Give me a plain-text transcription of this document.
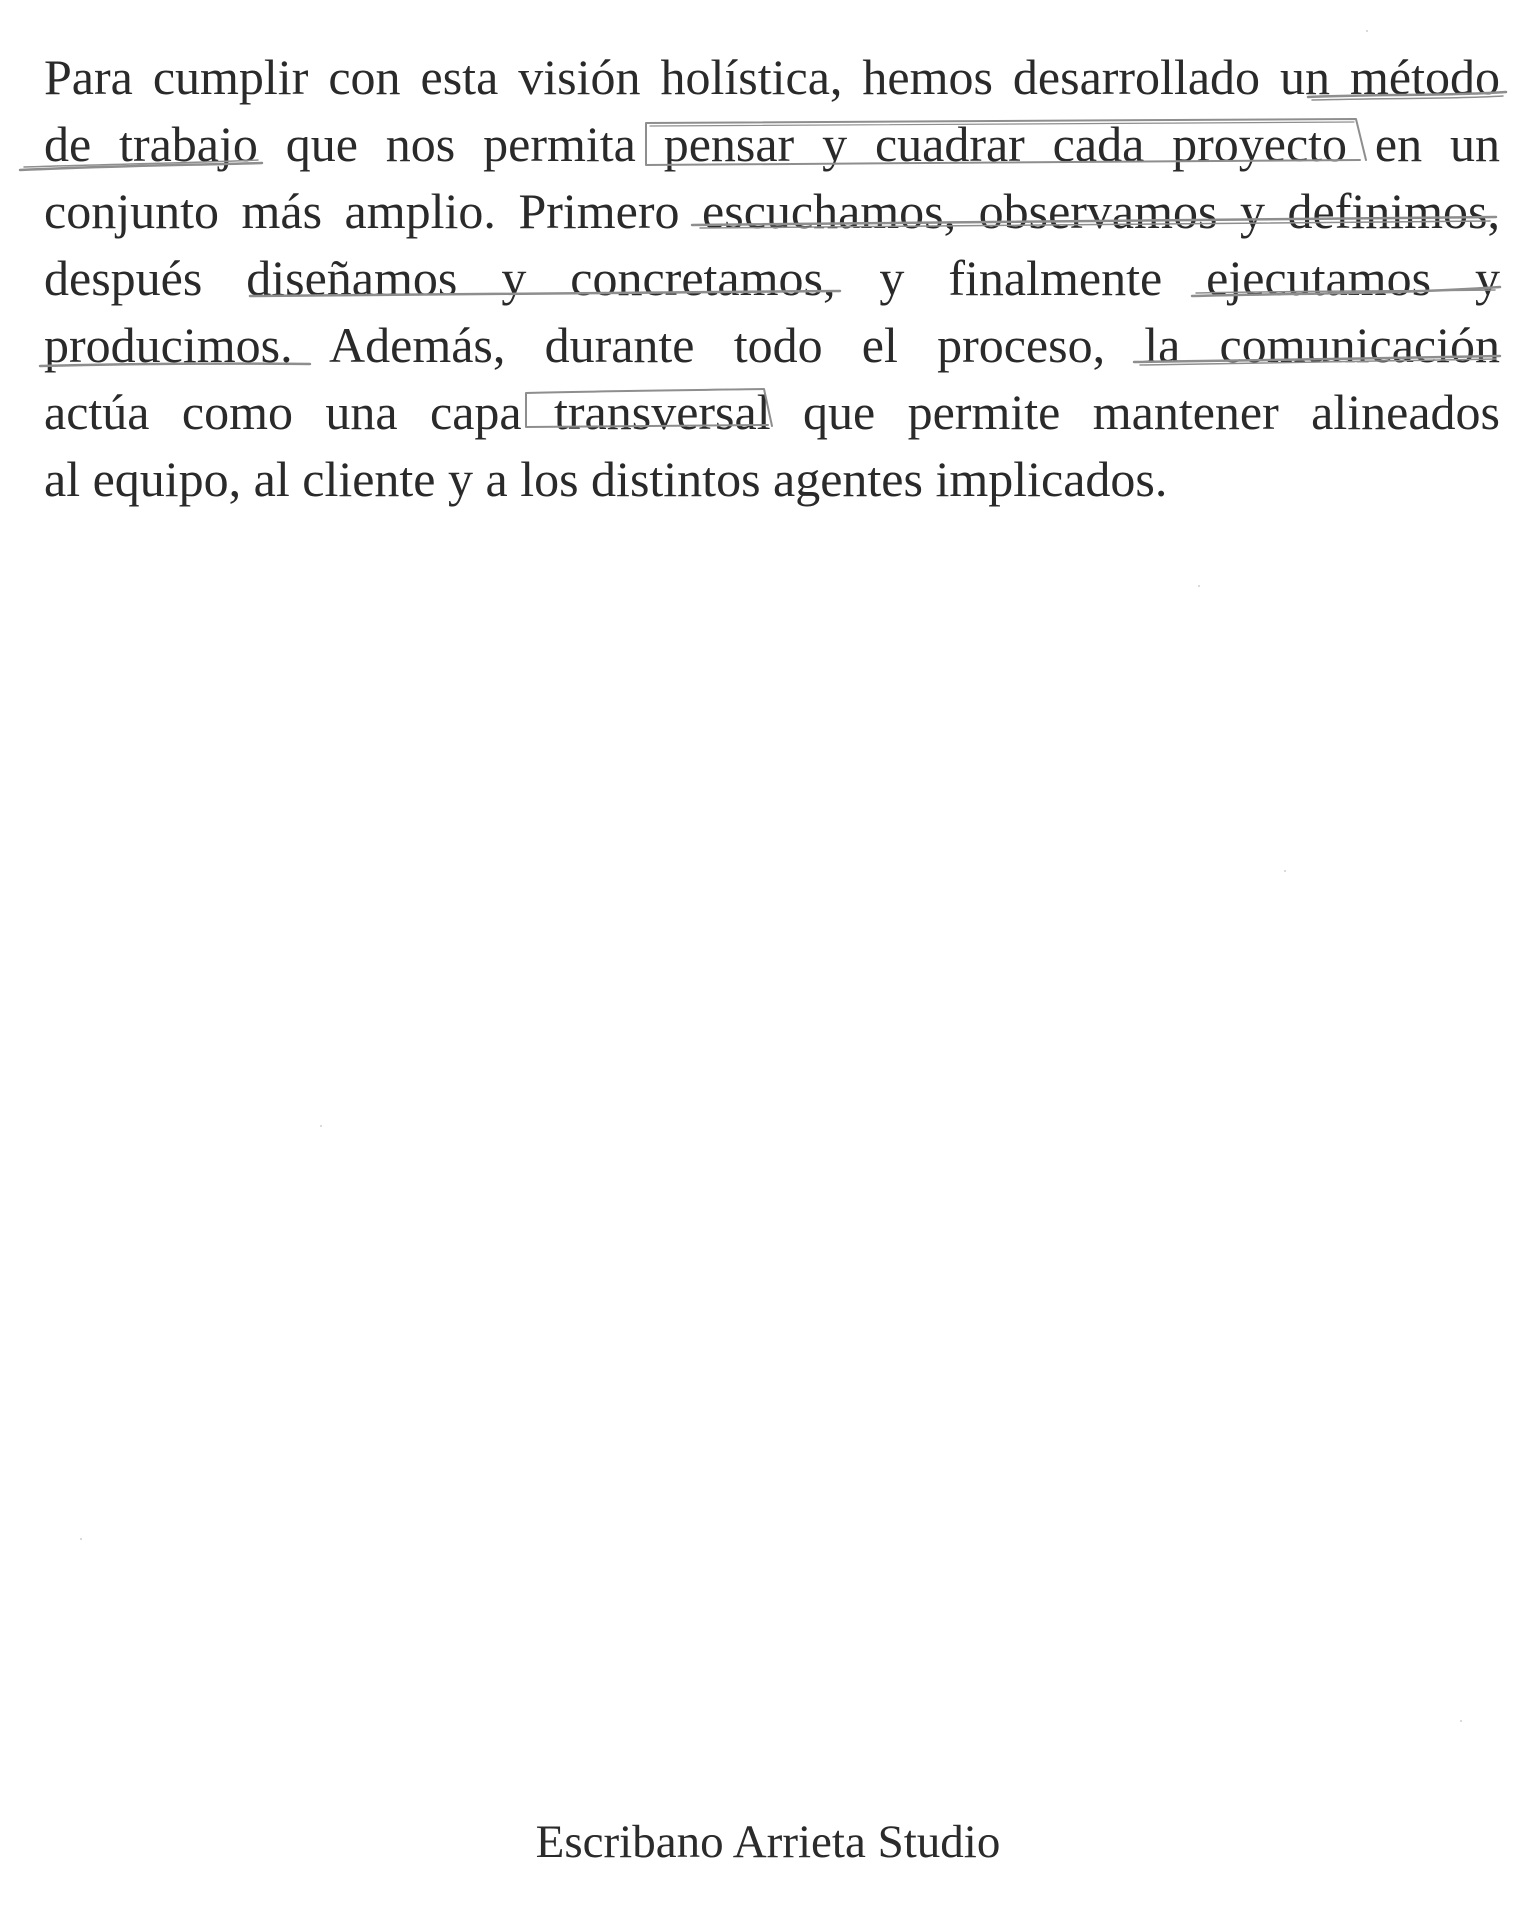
Para cumplir con esta visión holística, hemos desarrollado un método
de trabajo que nos permita pensar y cuadrar cada proyecto en un
conjunto más amplio. Primero escuchamos, observamos y definimos,
después diseñamos y concretamos, y finalmente ejecutamos y
producimos. Además, durante todo el proceso, la comunicación
actúa como una capa transversal que permite mantener alineados
al equipo, al cliente y a los distintos agentes implicados.
Escribano Arrieta Studio
